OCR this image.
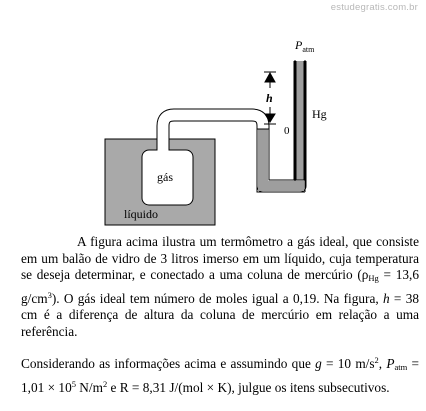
estudegratis.com.br
gás
líquido
h
0
Hg
$P_{atm}$

A figura acima ilustra um termômetro a gás ideal, que consiste em um balão de vidro de 3 litros imerso em um líquido, cuja temperatura se deseja determinar, e conectado a uma coluna de mercúrio ($\rho_{Hg} = 13,6$ $g/cm^3$). O gás ideal tem número de moles igual a 0,19. Na figura, h = 38 cm é a diferença de altura da coluna de mercúrio em relação a uma referência.

Considerando as informações acima e assumindo que g = 10 $m/s^2$, $P_{atm} = 1,01 \times 10^5$ $N/m^2$ e R = 8,31 J/(mol × K), julgue os itens subsecutivos.
